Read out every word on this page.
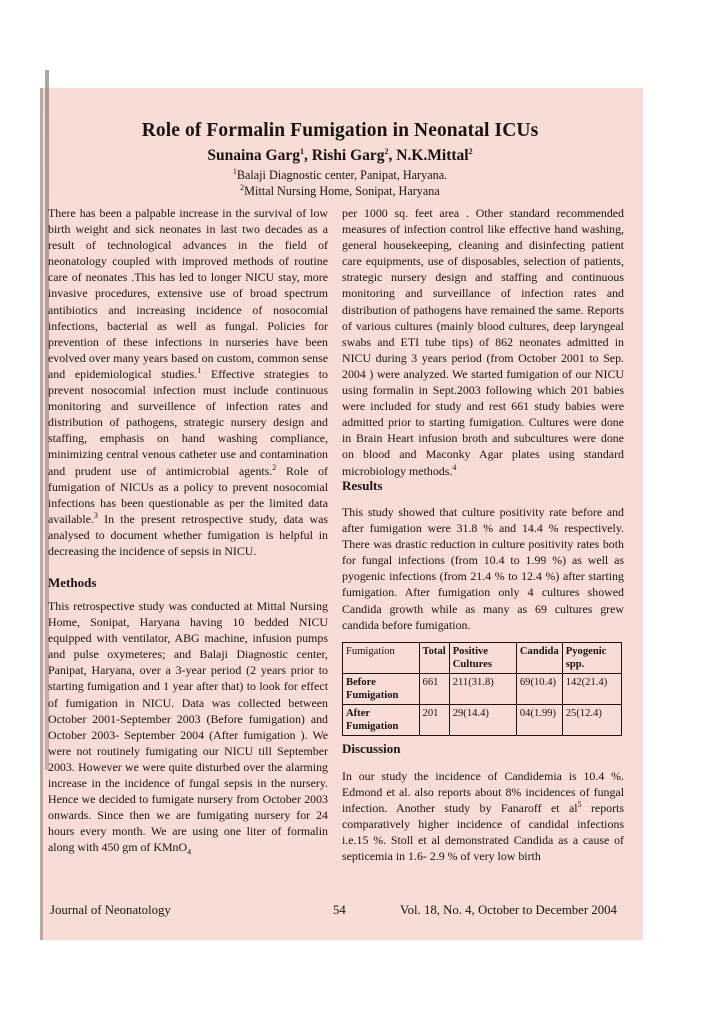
Role of Formalin Fumigation in Neonatal ICUs
Sunaina Garg$^1$, Rishi Garg$^2$, N.K.Mittal$^2$
$^1$Balaji Diagnostic center, Panipat, Haryana.
$^2$Mittal Nursing Home, Sonipat, Haryana

There has been a palpable increase in the survival of low birth weight and sick neonates in last two decades as a result of technological advances in the field of neonatology coupled with improved methods of routine care of neonates .This has led to longer NICU stay, more invasive procedures, extensive use of broad spectrum antibiotics and increasing incidence of nosocomial infections, bacterial as well as fungal. Policies for prevention of these infections in nurseries have been evolved over many years based on custom, common sense and epidemiological studies.$^1$ Effective strategies to prevent nosocomial infection must include continuous monitoring and surveillence of infection rates and distribution of pathogens, strategic nursery design and staffing, emphasis on hand washing compliance, minimizing central venous catheter use and contamination and prudent use of antimicrobial agents.$^2$ Role of fumigation of NICUs as a policy to prevent nosocomial infections has been questionable as per the limited data available.$^3$ In the present retrospective study, data was analysed to document whether fumigation is helpful in decreasing the incidence of sepsis in NICU.

Methods

This retrospective study was conducted at Mittal Nursing Home, Sonipat, Haryana having 10 bedded NICU equipped with ventilator, ABG machine, infusion pumps and pulse oxymeteres; and Balaji Diagnostic center, Panipat, Haryana, over a 3-year period (2 years prior to starting fumigation and 1 year after that) to look for effect of fumigation in NICU. Data was collected between October 2001-September 2003 (Before fumigation) and October 2003- September 2004 (After fumigation ). We were not routinely fumigating our NICU till September 2003. However we were quite disturbed over the alarming increase in the incidence of fungal sepsis in the nursery. Hence we decided to fumigate nursery from October 2003 onwards. Since then we are fumigating nursery for 24 hours every month. We are using one liter of formalin along with 450 gm of KMnO$_4$

per 1000 sq. feet area . Other standard recommended measures of infection control like effective hand washing, general housekeeping, cleaning and disinfecting patient care equipments, use of disposables, selection of patients, strategic nursery design and staffing and continuous monitoring and surveillance of infection rates and distribution of pathogens have remained the same. Reports of various cultures (mainly blood cultures, deep laryngeal swabs and ETI tube tips) of 862 neonates admitted in NICU during 3 years period (from October 2001 to Sep. 2004 ) were analyzed. We started fumigation of our NICU using formalin in Sept.2003 following which 201 babies were included for study and rest 661 study babies were admitted prior to starting fumigation. Cultures were done in Brain Heart infusion broth and subcultures were done on blood and Maconky Agar plates using standard microbiology methods.$^4$

Results

This study showed that culture positivity rate before and after fumigation were 31.8 % and 14.4 % respectively. There was drastic reduction in culture positivity rates both for fungal infections (from 10.4 to 1.99 %) as well as pyogenic infections (from 21.4 % to 12.4 %) after starting fumigation. After fumigation only 4 cultures showed Candida growth while as many as 69 cultures grew candida before fumigation.

Fumigation	Total	Positive Cultures	Candida	Pyogenic spp.
Before Fumigation	661	211(31.8)	69(10.4)	142(21.4)
After Fumigation	201	29(14.4)	04(1.99)	25(12.4)
Discussion

In our study the incidence of Candidemia is 10.4 %. Edmond et al. also reports about 8% incidences of fungal infection. Another study by Fanaroff et $al^5$ reports comparatively higher incidence of candidal infections i.e.15 %. Stoll et al demonstrated Candida as a cause of septicemia in 1.6- 2.9 % of very low birth

Journal of Neonatology	54	Vol. 18, No. 4, October to December 2004
